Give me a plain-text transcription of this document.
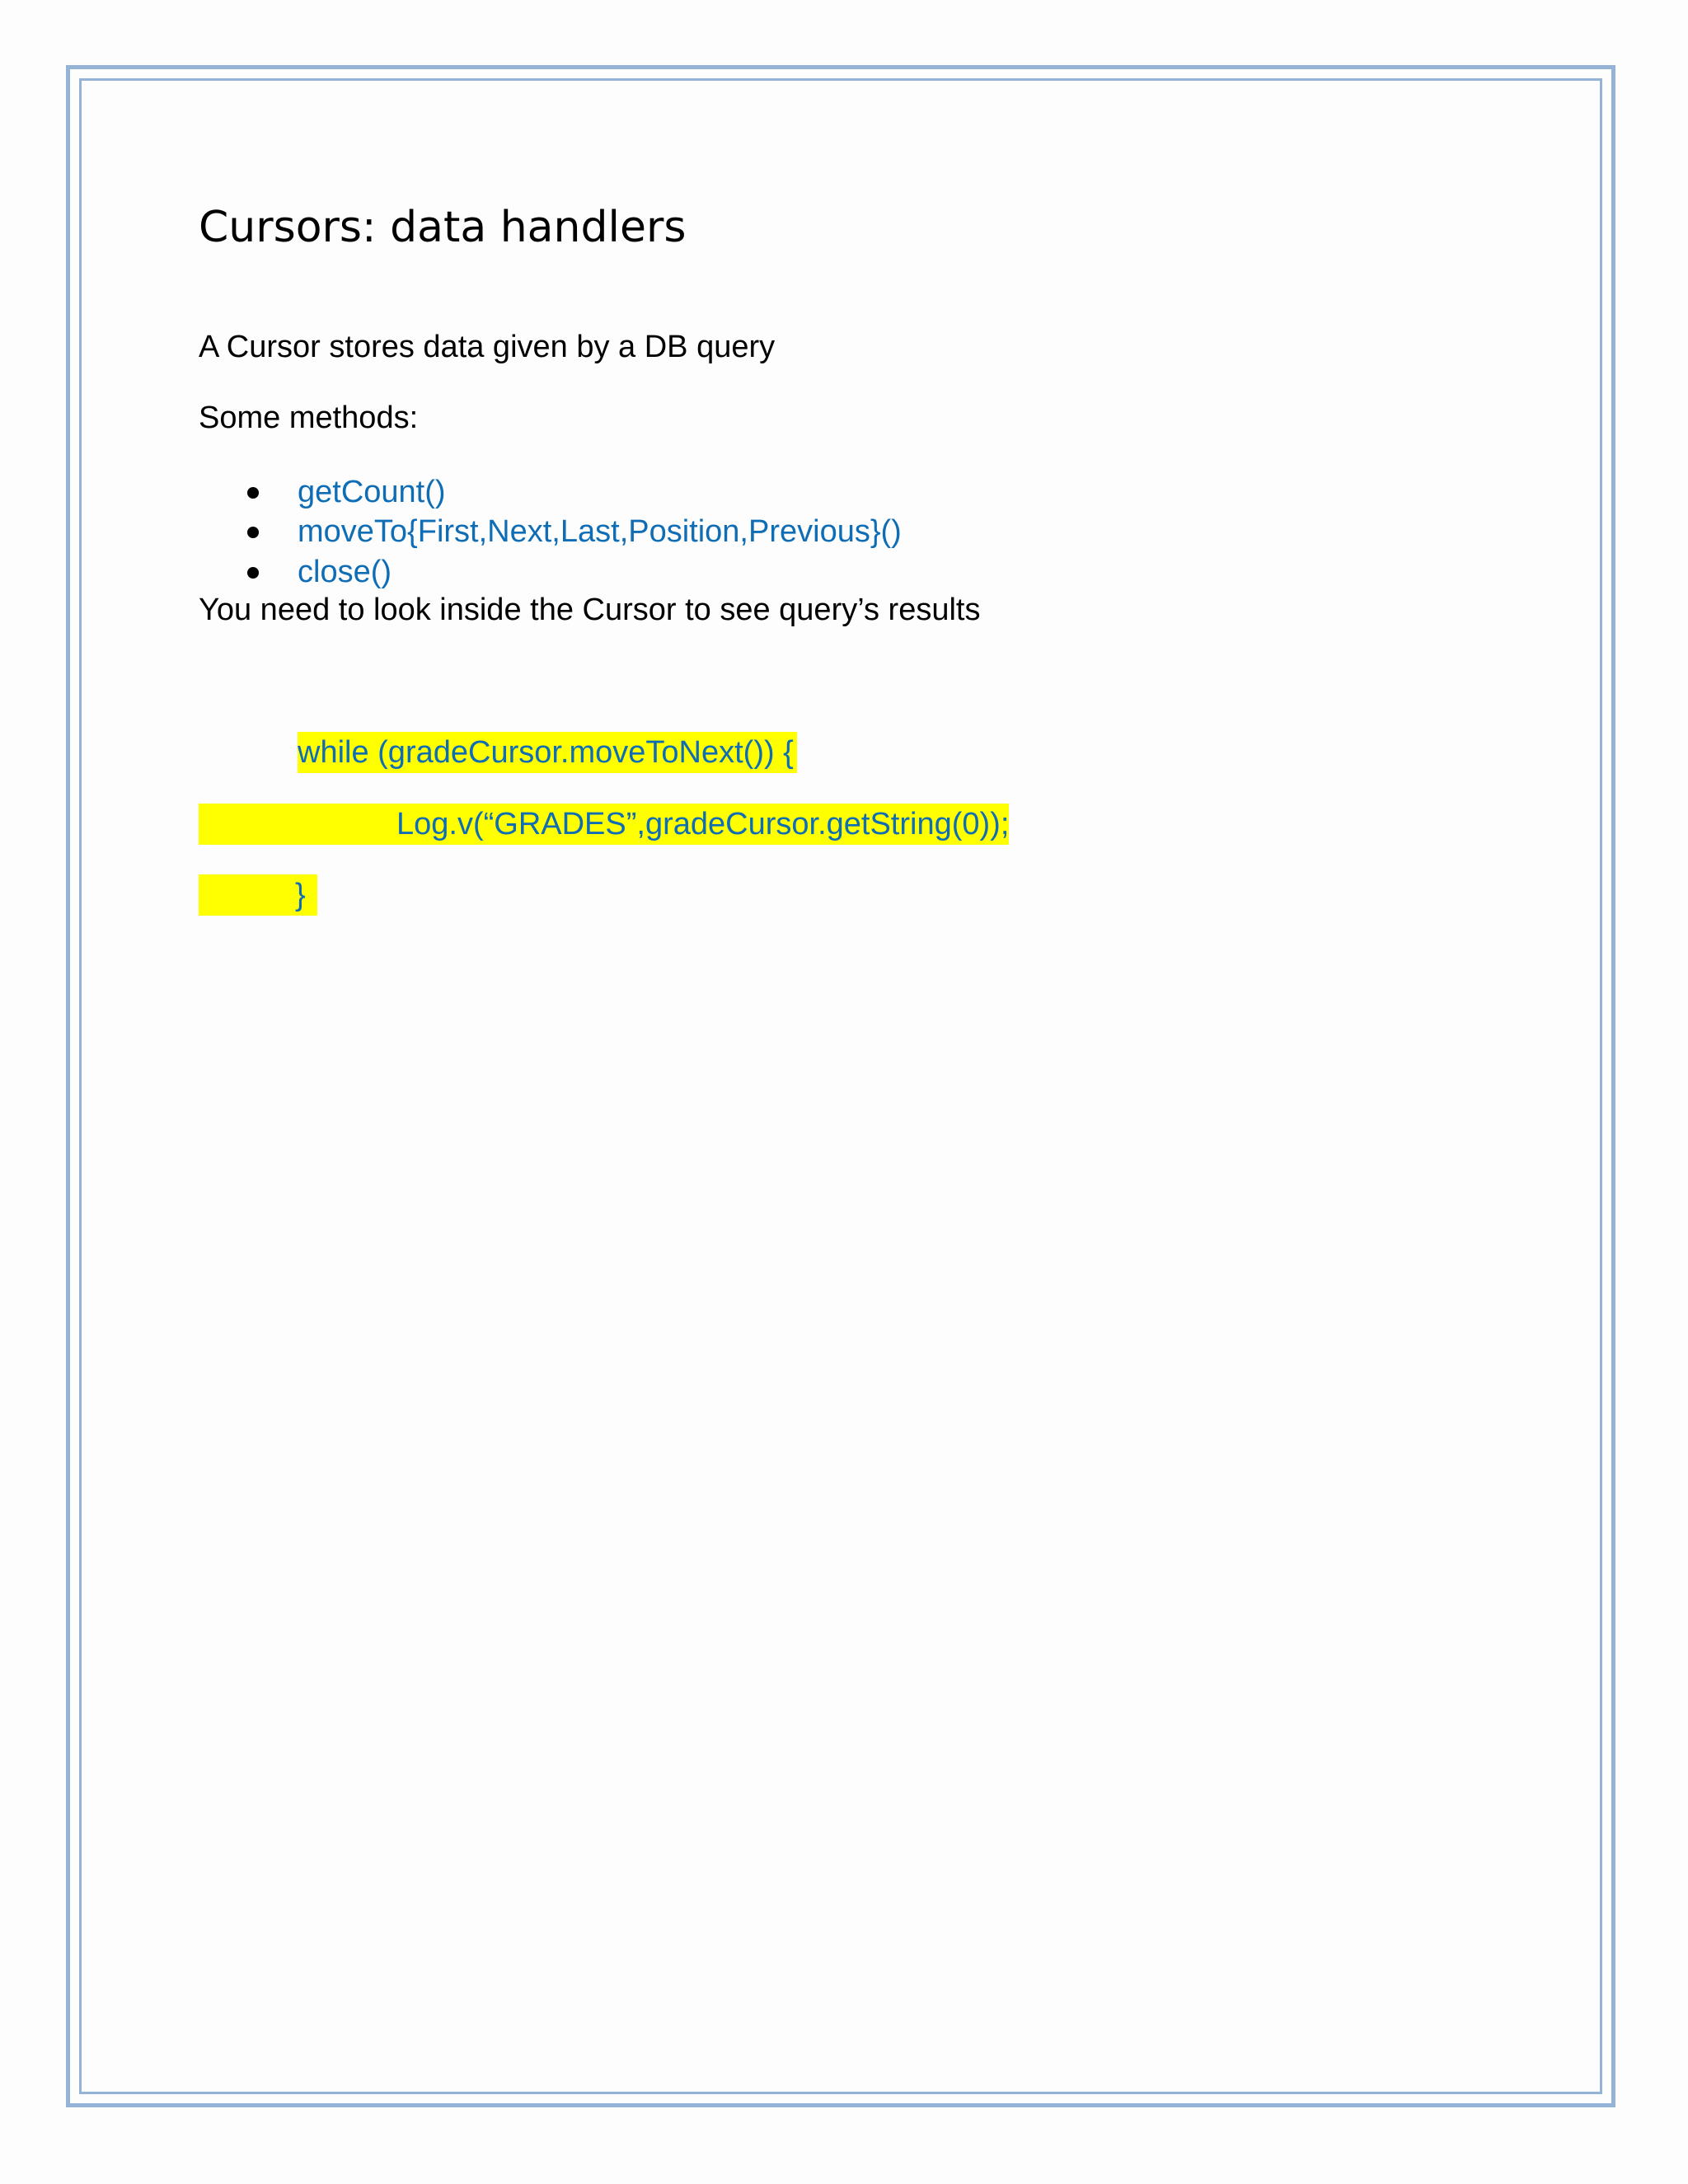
Cursors: data handlers
A Cursor stores data given by a DB query
Some methods:
getCount()
moveTo{First,Next,Last,Position,Previous}()
close()
You need to look inside the Cursor to see query’s results
while (gradeCursor.moveToNext()) {
Log.v(“GRADES”,gradeCursor.getString(0));
}
